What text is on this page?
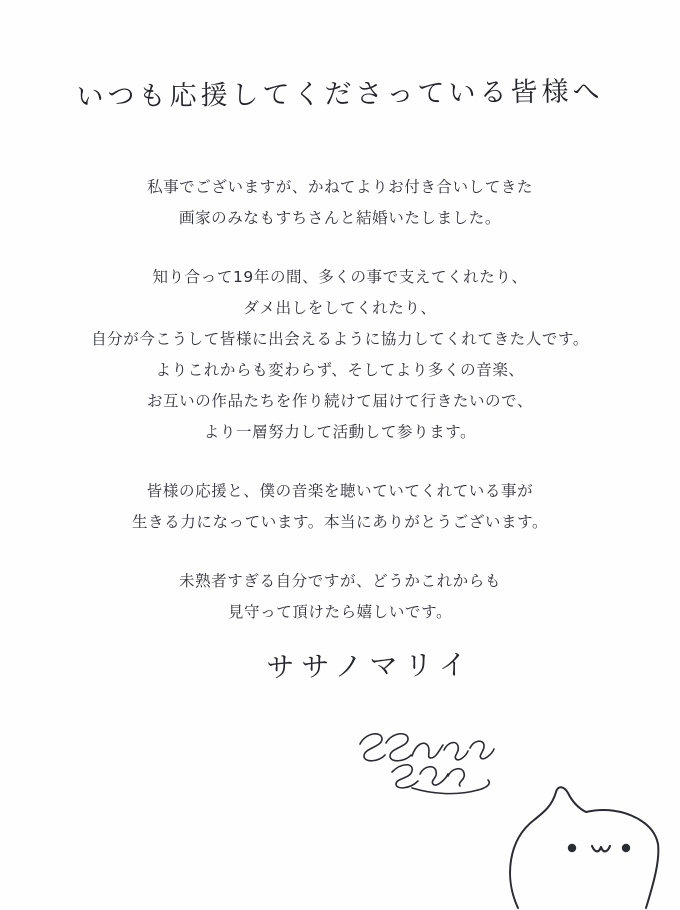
いつも応援してくださっている皆様へ

私事でございますが、かねてよりお付き合いしてきた
画家のみなもすちさんと結婚いたしました。

知り合って19年の間、多くの事で支えてくれたり、
ダメ出しをしてくれたり、
自分が今こうして皆様に出会えるように協力してくれてきた人です。
よりこれからも変わらず、そしてより多くの音楽、
お互いの作品たちを作り続けて届けて行きたいので、
より一層努力して活動して参ります。

皆様の応援と、僕の音楽を聴いていてくれている事が
生きる力になっています。本当にありがとうございます。

未熟者すぎる自分ですが、どうかこれからも
見守って頂けたら嬉しいです。

ササノマリイ
